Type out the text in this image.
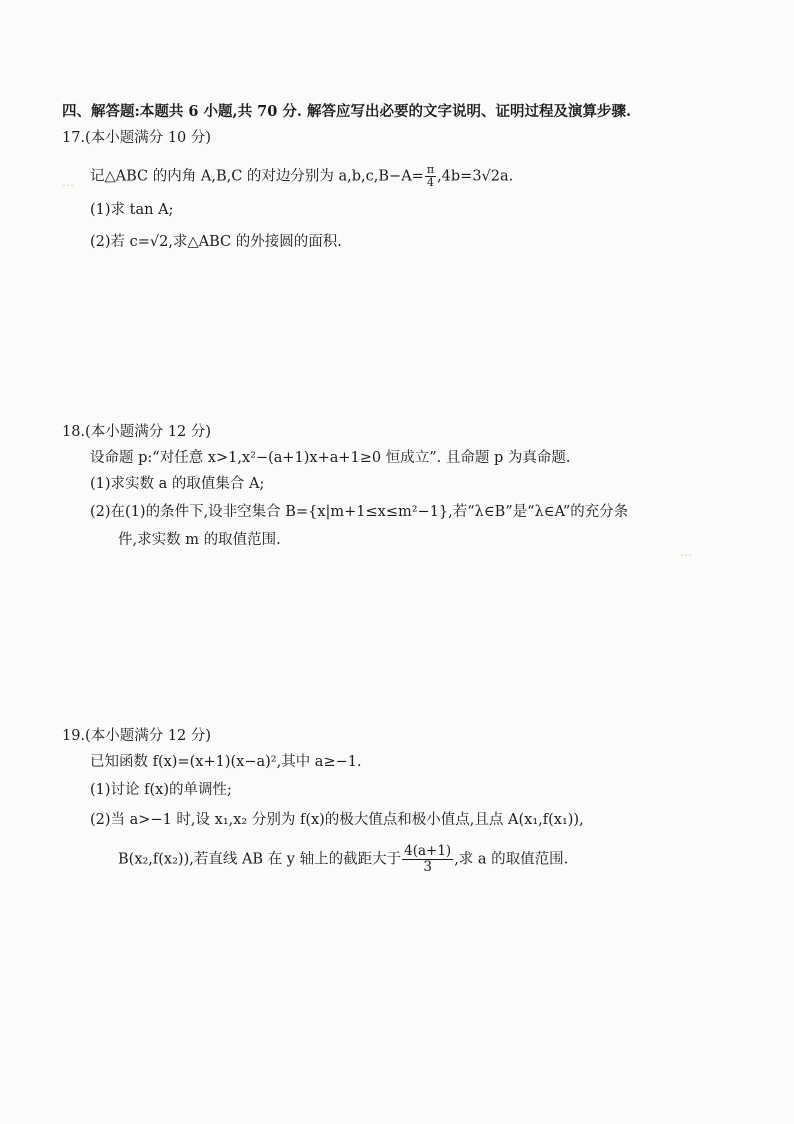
⋯
⋯
四、解答题:本题共 6 小题,共 70 分. 解答应写出必要的文字说明、证明过程及演算步骤.
17.(本小题满分 10 分)
记△ABC 的内角 A,B,C 的对边分别为 $a,b,c,B-A= \frac{\pi}{4} ,4b=3√2a$.
(1)求 tan A;
(2)若 c=√2,求△ABC 的外接圆的面积.
18.(本小题满分 12 分)
设命题 p:“对任意 x>1,x²−(a+1)x+a+1≥0 恒成立”. 且命题 p 为真命题.
(1)求实数 a 的取值集合 A;
(2)在(1)的条件下,设非空集合 B={x|m+1≤x≤m²−1},若“λ∈B”是“λ∈A”的充分条
件,求实数 m 的取值范围.
19.(本小题满分 12 分)
已知函数 f(x)=(x+1)(x−a)²,其中 a≥−1.
(1)讨论 f(x)的单调性;
(2)当 a>−1 时,设 x₁,x₂ 分别为 f(x)的极大值点和极小值点,且点 A(x₁,f(x₁)),
B(x₂,f(x₂)),若直线 AB 在 y 轴上的截距大于 $\frac{4(a+1)}{3}$ ,求 a 的取值范围.
